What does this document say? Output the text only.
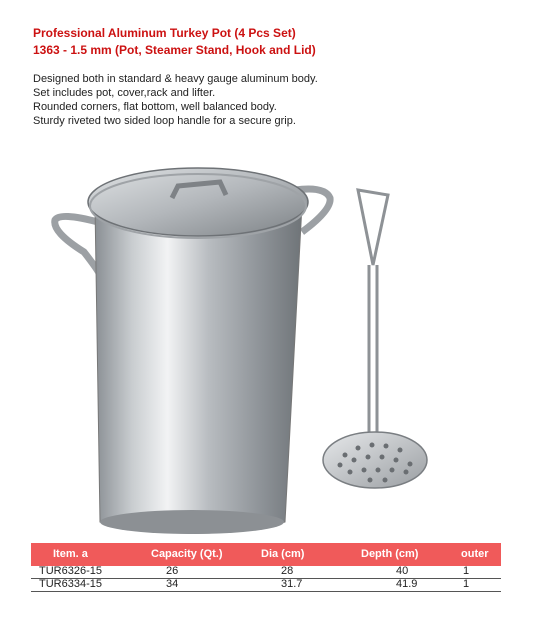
Professional Aluminum Turkey Pot (4 Pcs Set)
1363 - 1.5 mm (Pot, Steamer Stand, Hook and Lid)
Designed both in standard & heavy gauge aluminum body.
Set includes pot, cover,rack and lifter.
Rounded corners, flat bottom, well balanced body.
Sturdy riveted two sided loop handle for a secure grip.
Item. a	Capacity (Qt.)	Dia (cm)	Depth (cm)	outer
TUR6326-15	26	28	40	1
TUR6334-15	34	31.7	41.9	1
